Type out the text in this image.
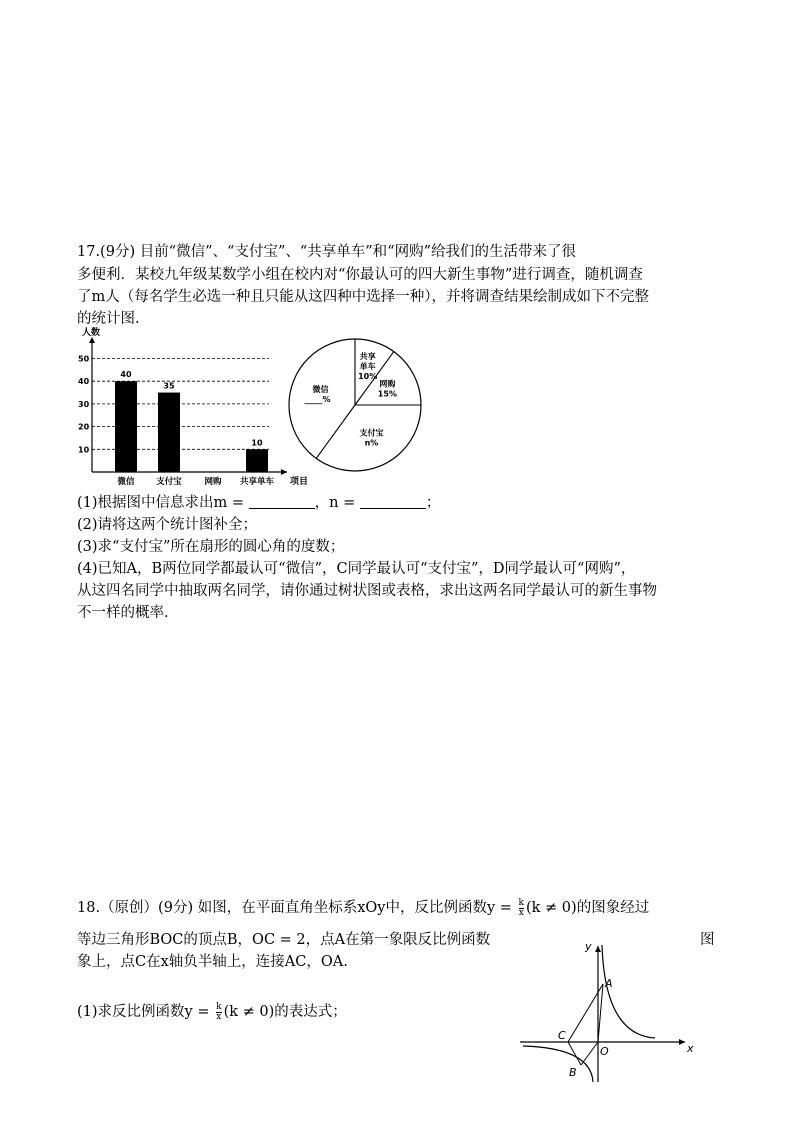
17.(9分) 目前“微信”、“支付宝”、“共享单车”和“网购”给我们的生活带来了很
多便利．某校九年级某数学小组在校内对“你最认可的四大新生事物”进行调查，随机调查
了m人（每名学生必选一种且只能从这四种中选择一种），并将调查结果绘制成如下不完整
的统计图.
人数
项目
10
20
30
40
50
40
微信
35
支付宝	网购
10
共享单车
共享
单车
10%
网购
15%
支付宝
n%
微信
%
(1)根据图中信息求出m =	，n =	；
(2)请将这两个统计图补全；
(3)求“支付宝”所在扇形的圆心角的度数；
(4)已知A，B两位同学都最认可“微信”，C同学最认可“支付宝”，D同学最认可“网购”，
从这四名同学中抽取两名同学，请你通过树状图或表格，求出这两名同学最认可的新生事物
不一样的概率.
18.（原创）(9分) 如图，在平面直角坐标系xOy中，反比例函数$y = \frac{k}{x} (k \ne 0)$的图象经过
等边三角形BOC的顶点B，OC = 2，点A在第一象限反比例函数	图
象上，点C在x轴负半轴上，连接AC，OA.
(1)求反比例函数$y = \frac{k}{x} (k \ne 0)$的表达式；
x
y
O
A
B
C
